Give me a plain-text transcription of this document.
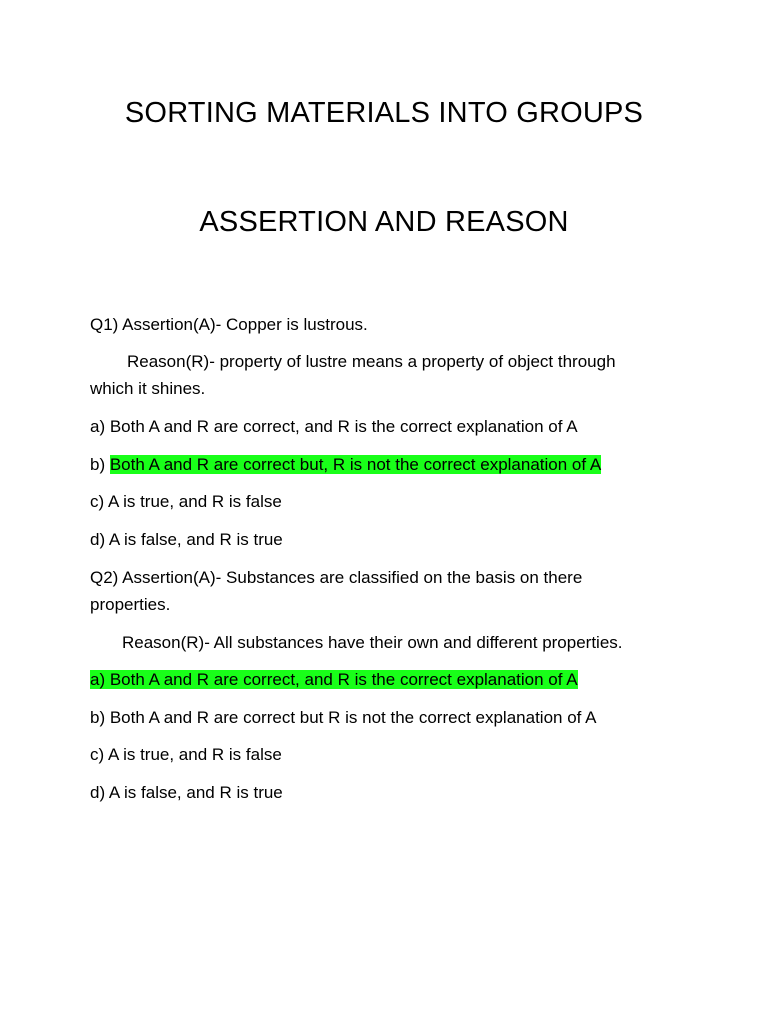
SORTING MATERIALS INTO GROUPS
ASSERTION AND REASON
Q1) Assertion(A)- Copper is lustrous.
Reason(R)- property of lustre means a property of object through
which it shines.
a) Both A and R are correct, and R is the correct explanation of A
b) Both A and R are correct but, R is not the correct explanation of A
c) A is true, and R is false
d) A is false, and R is true
Q2) Assertion(A)- Substances are classified on the basis on there
properties.
Reason(R)- All substances have their own and different properties.
a) Both A and R are correct, and R is the correct explanation of A
b) Both A and R are correct but R is not the correct explanation of A
c) A is true, and R is false
d) A is false, and R is true
